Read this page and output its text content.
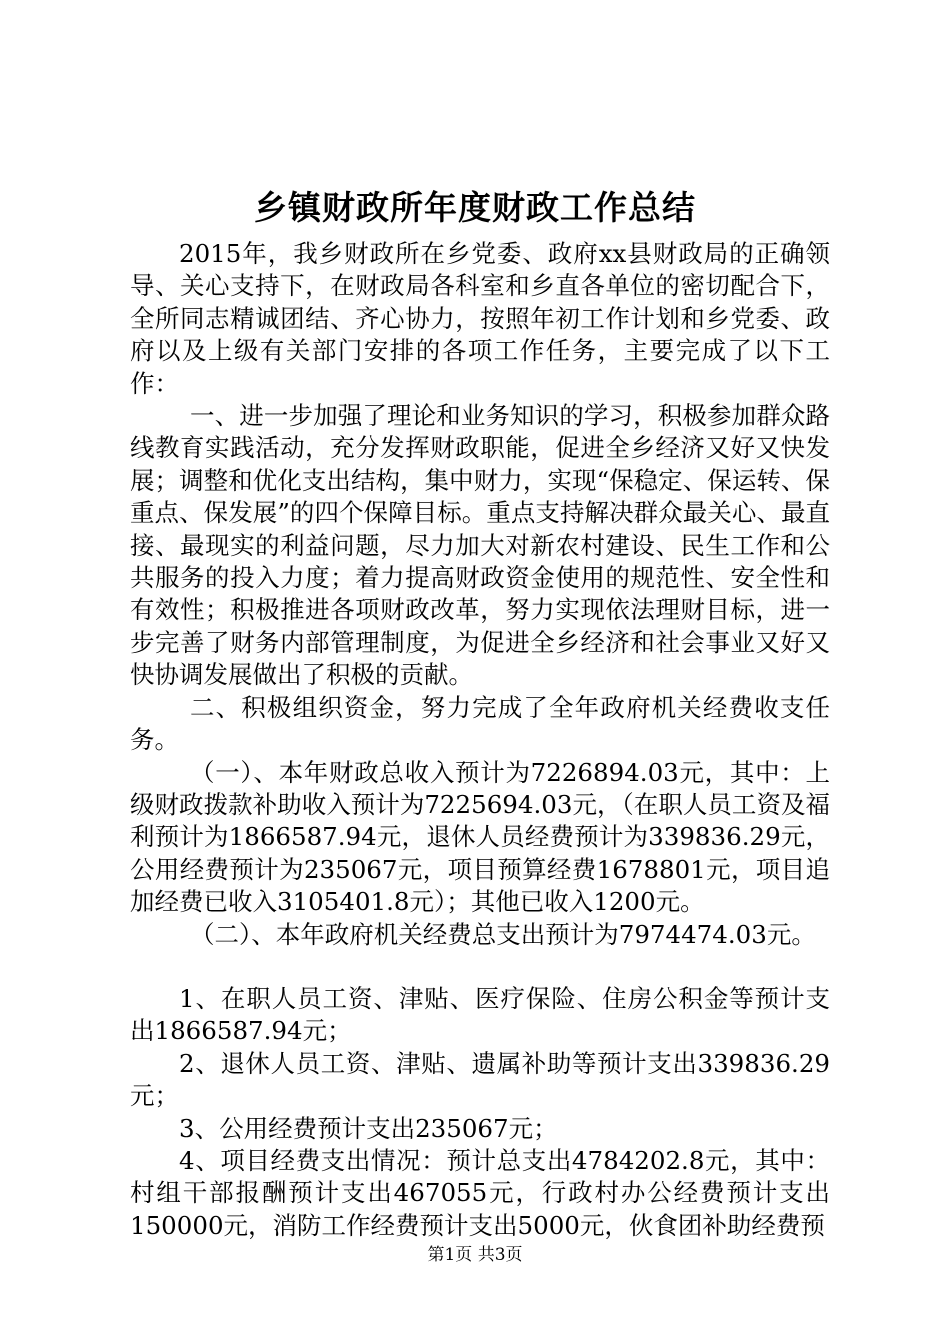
乡镇财政所年度财政工作总结

2015年，我乡财政所在乡党委、政府xx县财政局的正确领导、关心支持下，在财政局各科室和乡直各单位的密切配合下，全所同志精诚团结、齐心协力，按照年初工作计划和乡党委、政府以及上级有关部门安排的各项工作任务，主要完成了以下工作：

一、进一步加强了理论和业务知识的学习，积极参加群众路线教育实践活动，充分发挥财政职能，促进全乡经济又好又快发展；调整和优化支出结构，集中财力，实现“保稳定、保运转、保重点、保发展”的四个保障目标。重点支持解决群众最关心、最直接、最现实的利益问题，尽力加大对新农村建设、民生工作和公共服务的投入力度；着力提高财政资金使用的规范性、安全性和有效性；积极推进各项财政改革，努力实现依法理财目标，进一步完善了财务内部管理制度，为促进全乡经济和社会事业又好又快协调发展做出了积极的贡献。

二、积极组织资金，努力完成了全年政府机关经费收支任务。

（一）、本年财政总收入预计为7226894.03元，其中：上级财政拨款补助收入预计为7225694.03元，（在职人员工资及福利预计为1866587.94元，退休人员经费预计为339836.29元，公用经费预计为235067元，项目预算经费1678801元，项目追加经费已收入3105401.8元）；其他已收入1200元。

（二）、本年政府机关经费总支出预计为7974474.03元。

1、在职人员工资、津贴、医疗保险、住房公积金等预计支出1866587.94元；

2、退休人员工资、津贴、遗属补助等预计支出339836.29元；

3、公用经费预计支出235067元；

4、项目经费支出情况：预计总支出4784202.8元，其中：村组干部报酬预计支出467055元，行政村办公经费预计支出150000元，消防工作经费预计支出5000元，伙食团补助经费预

第1页 共3页
